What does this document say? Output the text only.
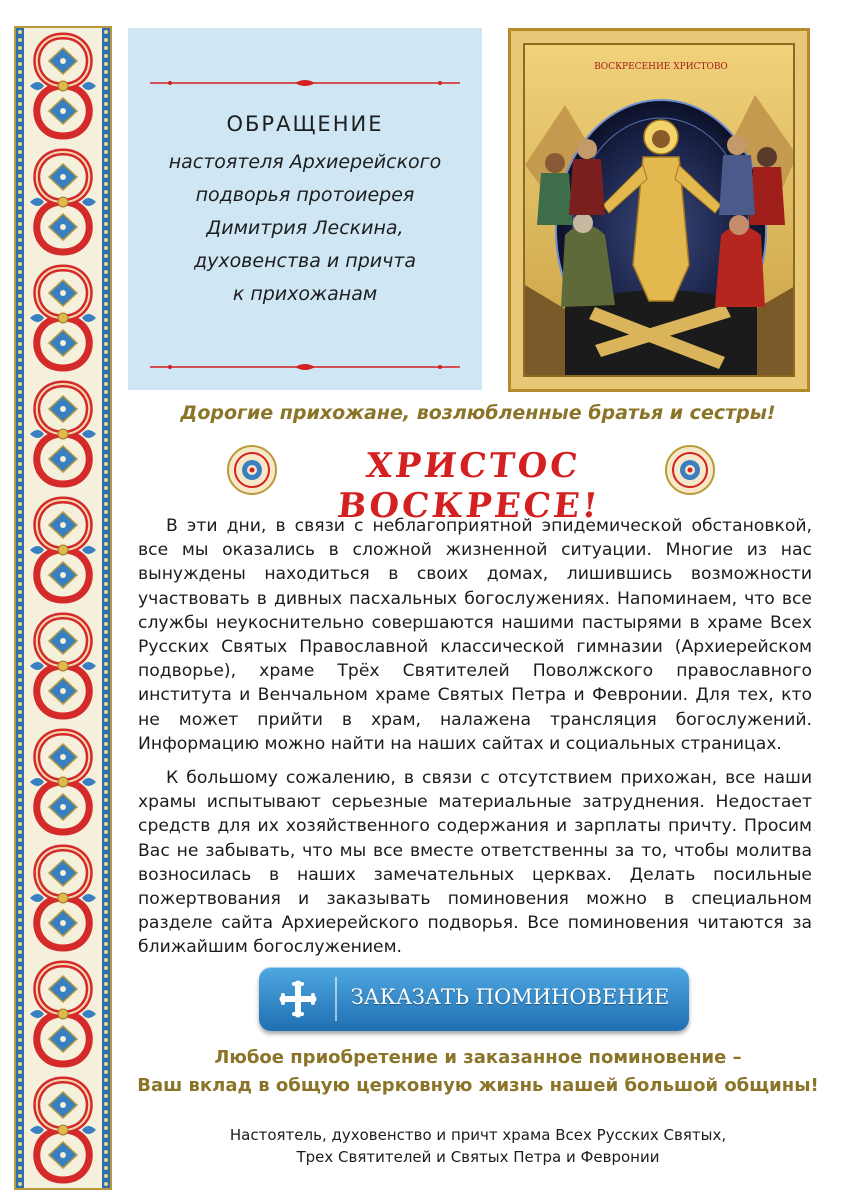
ОБРАЩЕНИЕ
настоятеля Архиерейского
подворья протоиерея
Димитрия Лескина,
духовенства и причта
к прихожанам
ВОСКРЕСЕНИЕ ХРИСТОВО
Дорогие прихожане, возлюбленные братья и сестры!
ХРИСТОС ВОСКРЕСЕ!

В эти дни, в связи с неблагоприятной эпидемической обстановкой, все мы оказались в сложной жизненной ситуации. Многие из нас вынуждены находиться в своих домах, лишившись возможности участвовать в дивных пасхальных богослужениях. Напоминаем, что все службы неукоснительно совершаются нашими пастырями в храме Всех Русских Святых Православной классической гимназии (Архиерейском подворье), храме Трёх Святителей Поволжского православного института и Венчальном храме Святых Петра и Февронии. Для тех, кто не может прийти в храм, налажена трансляция богослужений. Информацию можно найти на наших сайтах и социальных страницах.

К большому сожалению, в связи с отсутствием прихожан, все наши храмы испытывают серьезные материальные затруднения. Недостает средств для их хозяйственного содержания и зарплаты причту. Просим Вас не забывать, что мы все вместе ответственны за то, чтобы молитва возносилась в наших замечательных церквах. Делать посильные пожертвования и заказывать поминовения можно в специальном разделе сайта Архиерейского подворья. Все поминовения читаются за ближайшим богослужением.

ЗАКАЗАТЬ ПОМИНОВЕНИЕ
Любое приобретение и заказанное поминовение –
Ваш вклад в общую церковную жизнь нашей большой общины!
Настоятель, духовенство и причт храма Всех Русских Святых,
Трех Святителей и Святых Петра и Февронии
